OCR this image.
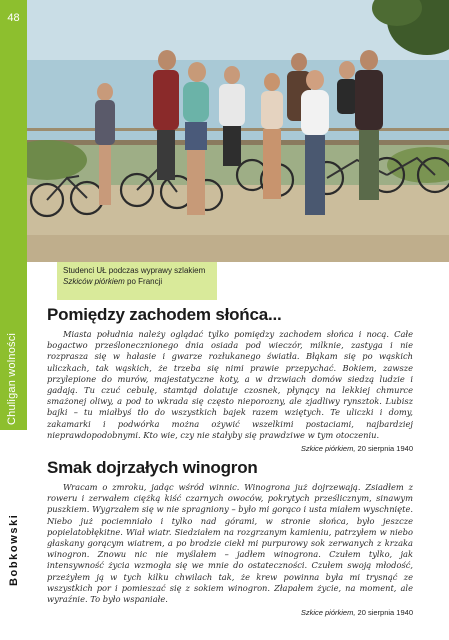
48
Chuligan wolności
Bobkowski
Studenci UŁ podczas wyprawy szlakiem
Szkiców piórkiem po Francji
Pomiędzy zachodem słońca...

Miasta południa należy oglądać tylko pomiędzy zachodem słońca i nocą. Całe bogactwo prześlonecznionego dnia osiada pod wieczór, milknie, zastyga i nie rozprasza się w hałasie i gwarze rozłukanego światła. Błąkam się po wąskich uliczkach, tak wąskich, że trzeba się nimi prawie przepychać. Bokiem, zawsze przylepione do murów, majestatyczne koty, a w drzwiach domów siedzą ludzie i gadają. Tu czuć cebulę, stamtąd dolatuje czosnek, płynący na lekkiej chmurce smażonej oliwy, a pod to wkrada się często nieporozny, ale zjadliwy rynsztok. Lubisz bajki – tu miałbyś tło do wszystkich bajek razem wziętych. Te uliczki i domy, zakamarki i podwórka można ożywić wszelkimi postaciami, najbardziej nieprawdopodobnymi. Kto wie, czy nie stałyby się prawdziwe w tym otoczeniu.

Szkice piórkiem, 20 sierpnia 1940
Smak dojrzałych winogron

Wracam o zmroku, jadąc wśród winnic. Winogrona już dojrzewają. Zsiadłem z roweru i zerwałem ciężką kiść czarnych owoców, pokrytych prześlicznym, sinawym puszkiem. Wygrzałem się w nie spragniony – było mi gorąco i usta miałem wyschnięte. Niebo już pociemniało i tylko nad górami, w stronie słońca, było jeszcze popielatobłękitne. Wiał wiatr. Siedziałem na rozgrzanym kamieniu, patrzyłem w niebo głaskany gorącym wiatrem, a po brodzie ciekł mi purpurowy sok zerwanych z krzaka winogron. Znowu nic nie myślałem – jadłem winogrona. Czułem tylko, jak intensywność życia wzmogła się we mnie do ostateczności. Czułem swoją młodość, przeżyłem ją w tych kilku chwilach tak, że krew powinna była mi trysnąć ze wszystkich por i pomieszać się z sokiem winogron. Złapałem życie, na moment, ale wyraźnie. To było wspaniałe.

Szkice piórkiem, 20 sierpnia 1940
